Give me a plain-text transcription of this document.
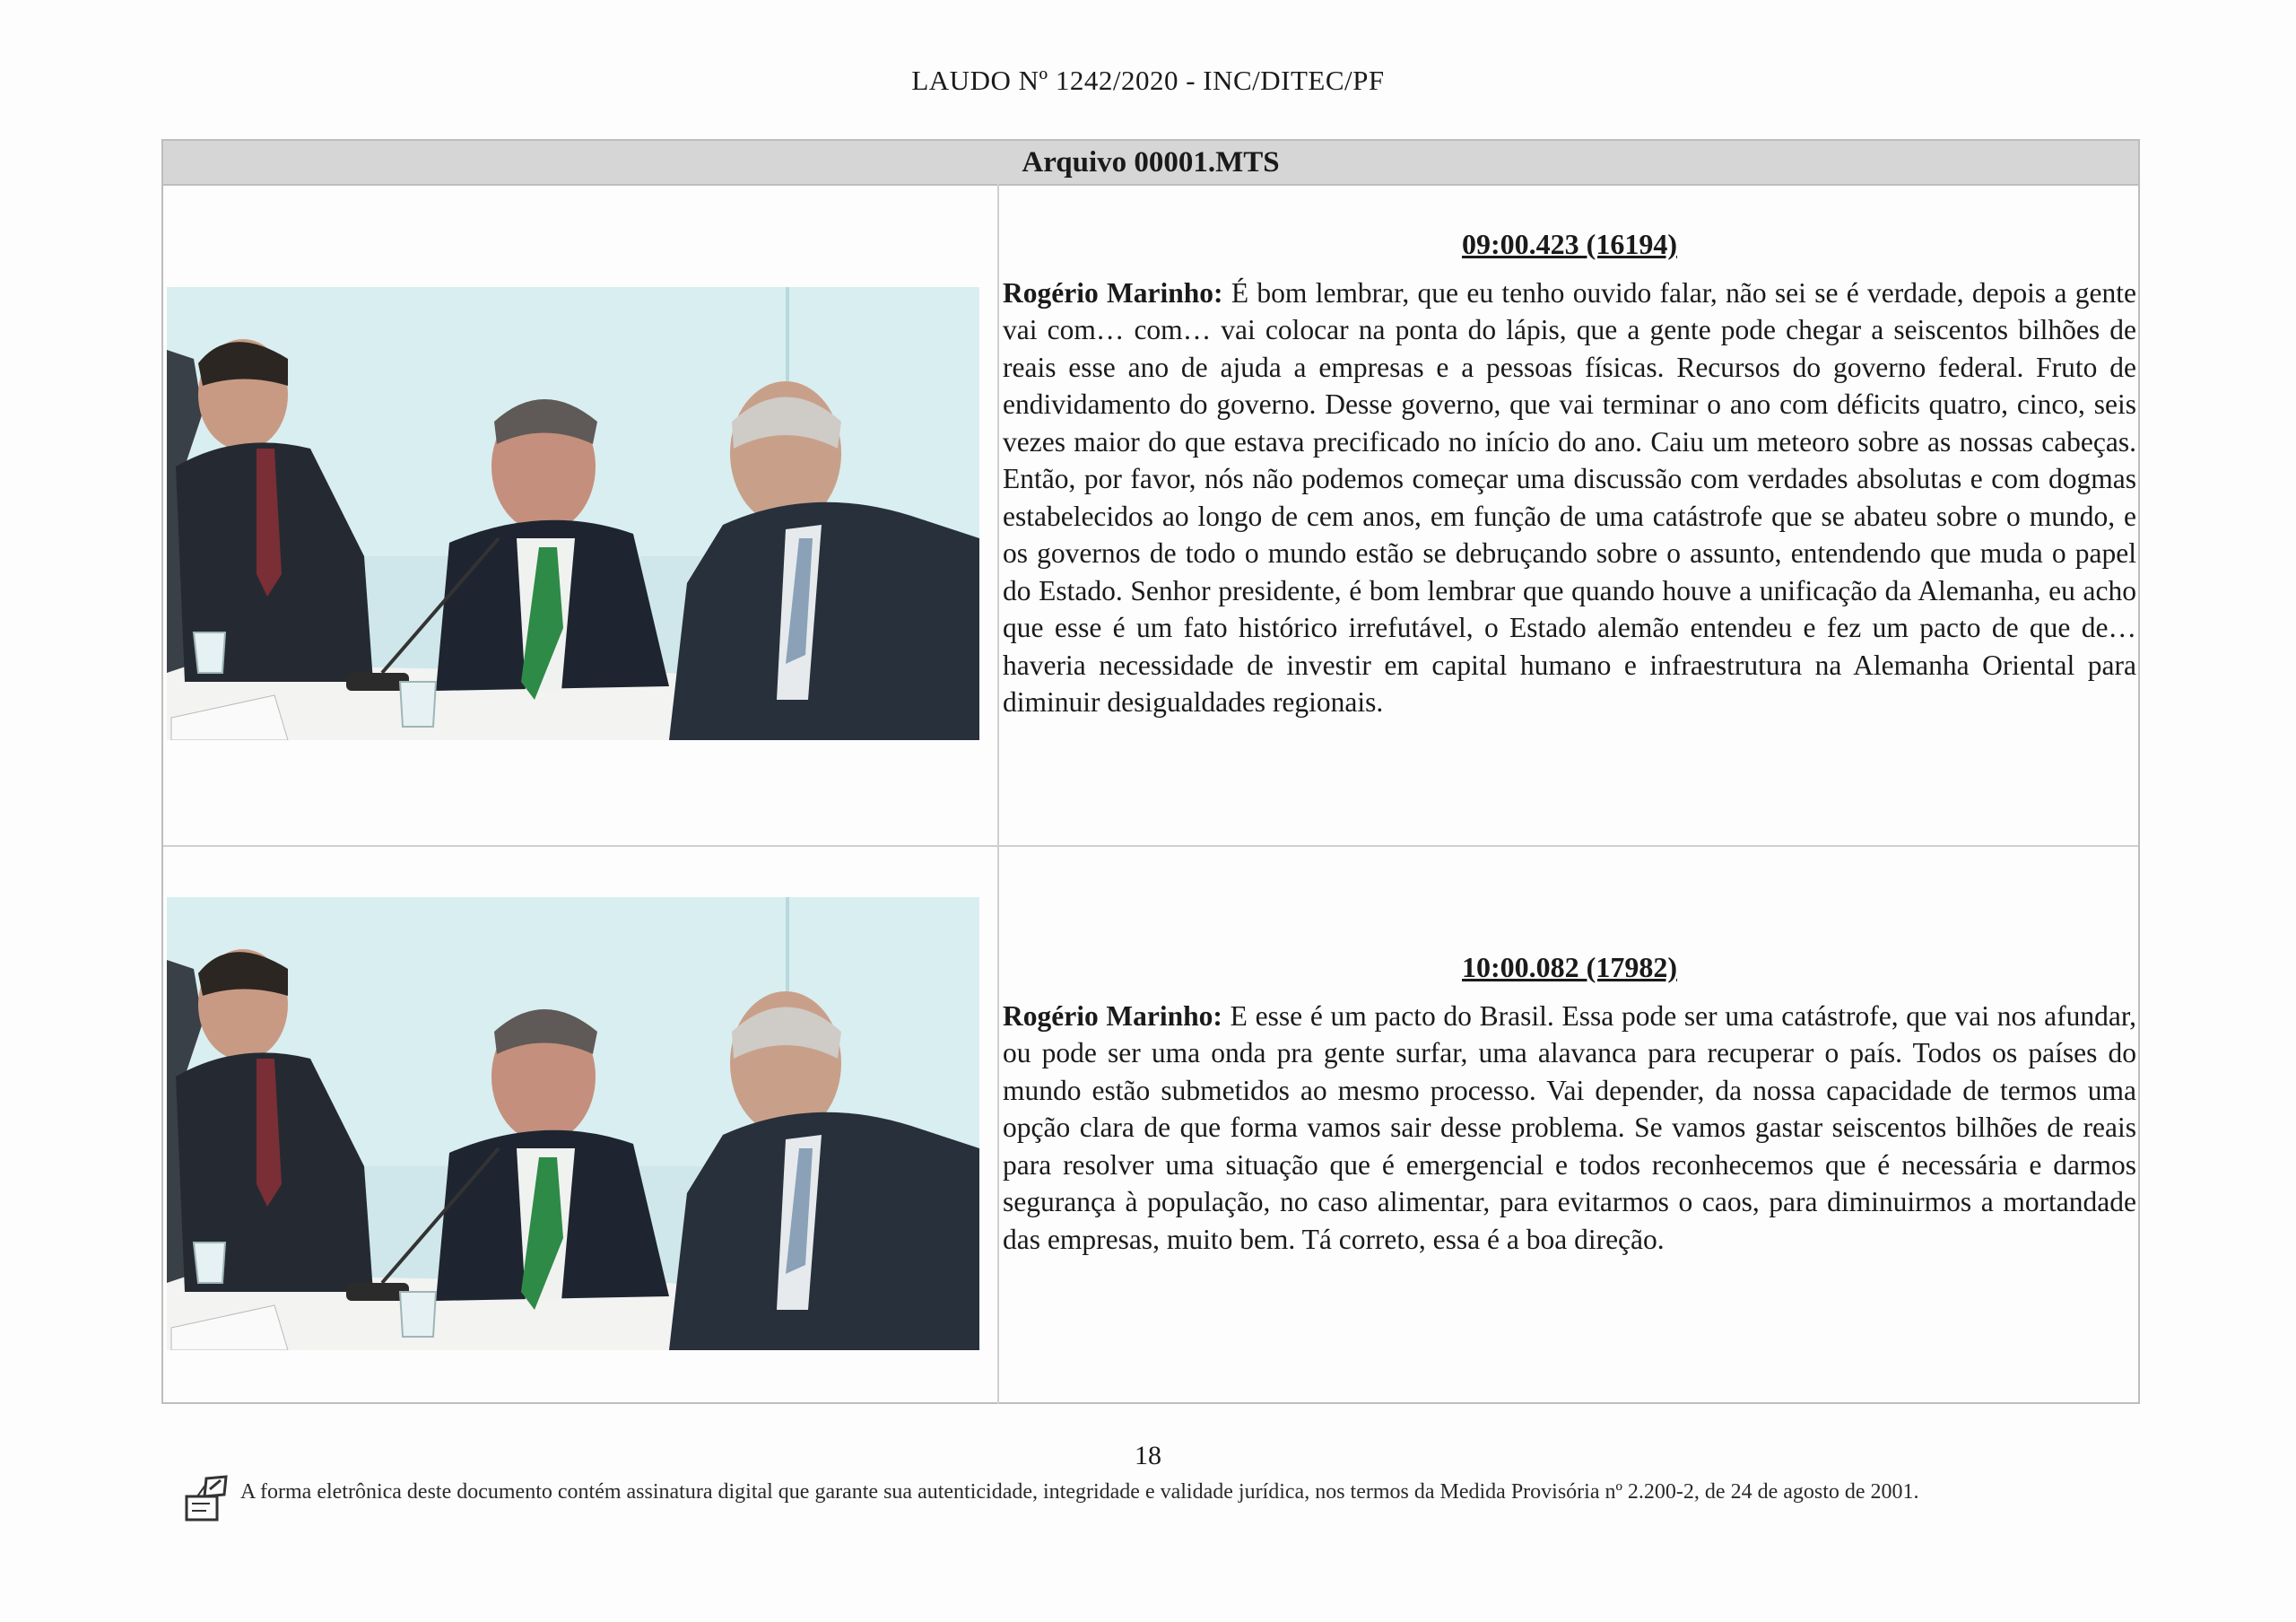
LAUDO Nº 1242/2020 - INC/DITEC/PF
Arquivo 00001.MTS
09:00.423 (16194)
Rogério Marinho: É bom lembrar, que eu tenho ouvido falar, não sei se é verdade, depois a gente vai com… com… vai colocar na ponta do lápis, que a gente pode chegar a seiscentos bilhões de reais esse ano de ajuda a empresas e a pessoas físicas. Recursos do governo federal. Fruto de endividamento do governo. Desse governo, que vai terminar o ano com déficits quatro, cinco, seis vezes maior do que estava precificado no início do ano. Caiu um meteoro sobre as nossas cabeças. Então, por favor, nós não podemos começar uma discussão com verdades absolutas e com dogmas estabelecidos ao longo de cem anos, em função de uma catástrofe que se abateu sobre o mundo, e os governos de todo o mundo estão se debruçando sobre o assunto, entendendo que muda o papel do Estado. Senhor presidente, é bom lembrar que quando houve a unificação da Alemanha, eu acho que esse é um fato histórico irrefutável, o Estado alemão entendeu e fez um pacto de que de… haveria necessidade de investir em capital humano e infraestrutura na Alemanha Oriental para diminuir desigualdades regionais.
10:00.082 (17982)
Rogério Marinho: E esse é um pacto do Brasil. Essa pode ser uma catástrofe, que vai nos afundar, ou pode ser uma onda pra gente surfar, uma alavanca para recuperar o país. Todos os países do mundo estão submetidos ao mesmo processo. Vai depender, da nossa capacidade de termos uma opção clara de que forma vamos sair desse problema. Se vamos gastar seiscentos bilhões de reais para resolver uma situação que é emergencial e todos reconhecemos que é necessária e darmos segurança à população, no caso alimentar, para evitarmos o caos, para diminuirmos a mortandade das empresas, muito bem. Tá correto, essa é a boa direção.
18
A forma eletrônica deste documento contém assinatura digital que garante sua autenticidade, integridade e validade jurídica, nos termos da Medida Provisória nº 2.200-2, de 24 de agosto de 2001.
